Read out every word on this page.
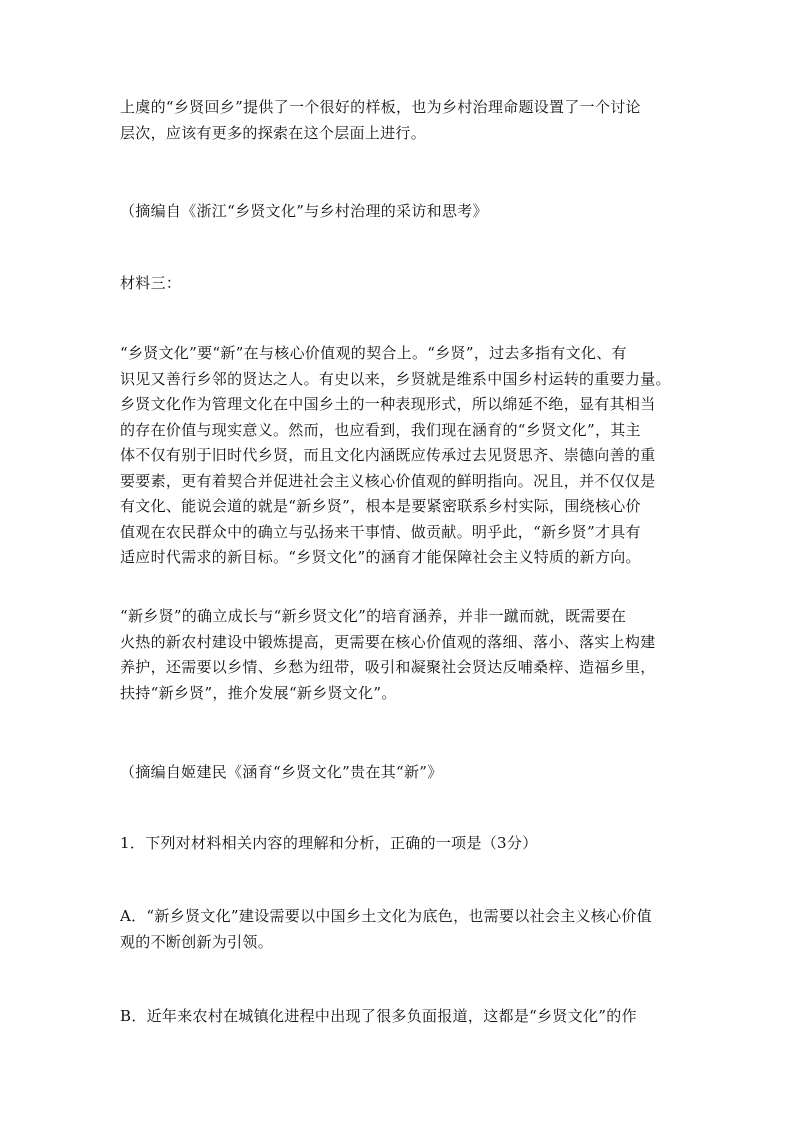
上虞的“乡贤回乡”提供了一个很好的样板，也为乡村治理命题设置了一个讨论
层次，应该有更多的探索在这个层面上进行。

（摘编自《浙江“乡贤文化”与乡村治理的采访和思考》

材料三：

“乡贤文化”要“新”在与核心价值观的契合上。“乡贤”，过去多指有文化、有
识见又善行乡邻的贤达之人。有史以来，乡贤就是维系中国乡村运转的重要力量。
乡贤文化作为管理文化在中国乡土的一种表现形式，所以绵延不绝，显有其相当
的存在价值与现实意义。然而，也应看到，我们现在涵育的“乡贤文化”，其主
体不仅有别于旧时代乡贤，而且文化内涵既应传承过去见贤思齐、崇德向善的重
要要素，更有着契合并促进社会主义核心价值观的鲜明指向。况且，并不仅仅是
有文化、能说会道的就是“新乡贤”，根本是要紧密联系乡村实际，围绕核心价
值观在农民群众中的确立与弘扬来干事情、做贡献。明乎此，“新乡贤”才具有
适应时代需求的新目标。“乡贤文化”的涵育才能保障社会主义特质的新方向。

“新乡贤”的确立成长与“新乡贤文化”的培育涵养，并非一蹴而就，既需要在
火热的新农村建设中锻炼提高，更需要在核心价值观的落细、落小、落实上构建
养护，还需要以乡情、乡愁为纽带，吸引和凝聚社会贤达反哺桑梓、造福乡里，
扶持“新乡贤”，推介发展“新乡贤文化”。

（摘编自姬建民《涵育“乡贤文化”贵在其“新”》

1．下列对材料相关内容的理解和分析，正确的一项是（3分）

A．“新乡贤文化”建设需要以中国乡土文化为底色，也需要以社会主义核心价值
观的不断创新为引领。

B．近年来农村在城镇化进程中出现了很多负面报道，这都是“乡贤文化”的作
